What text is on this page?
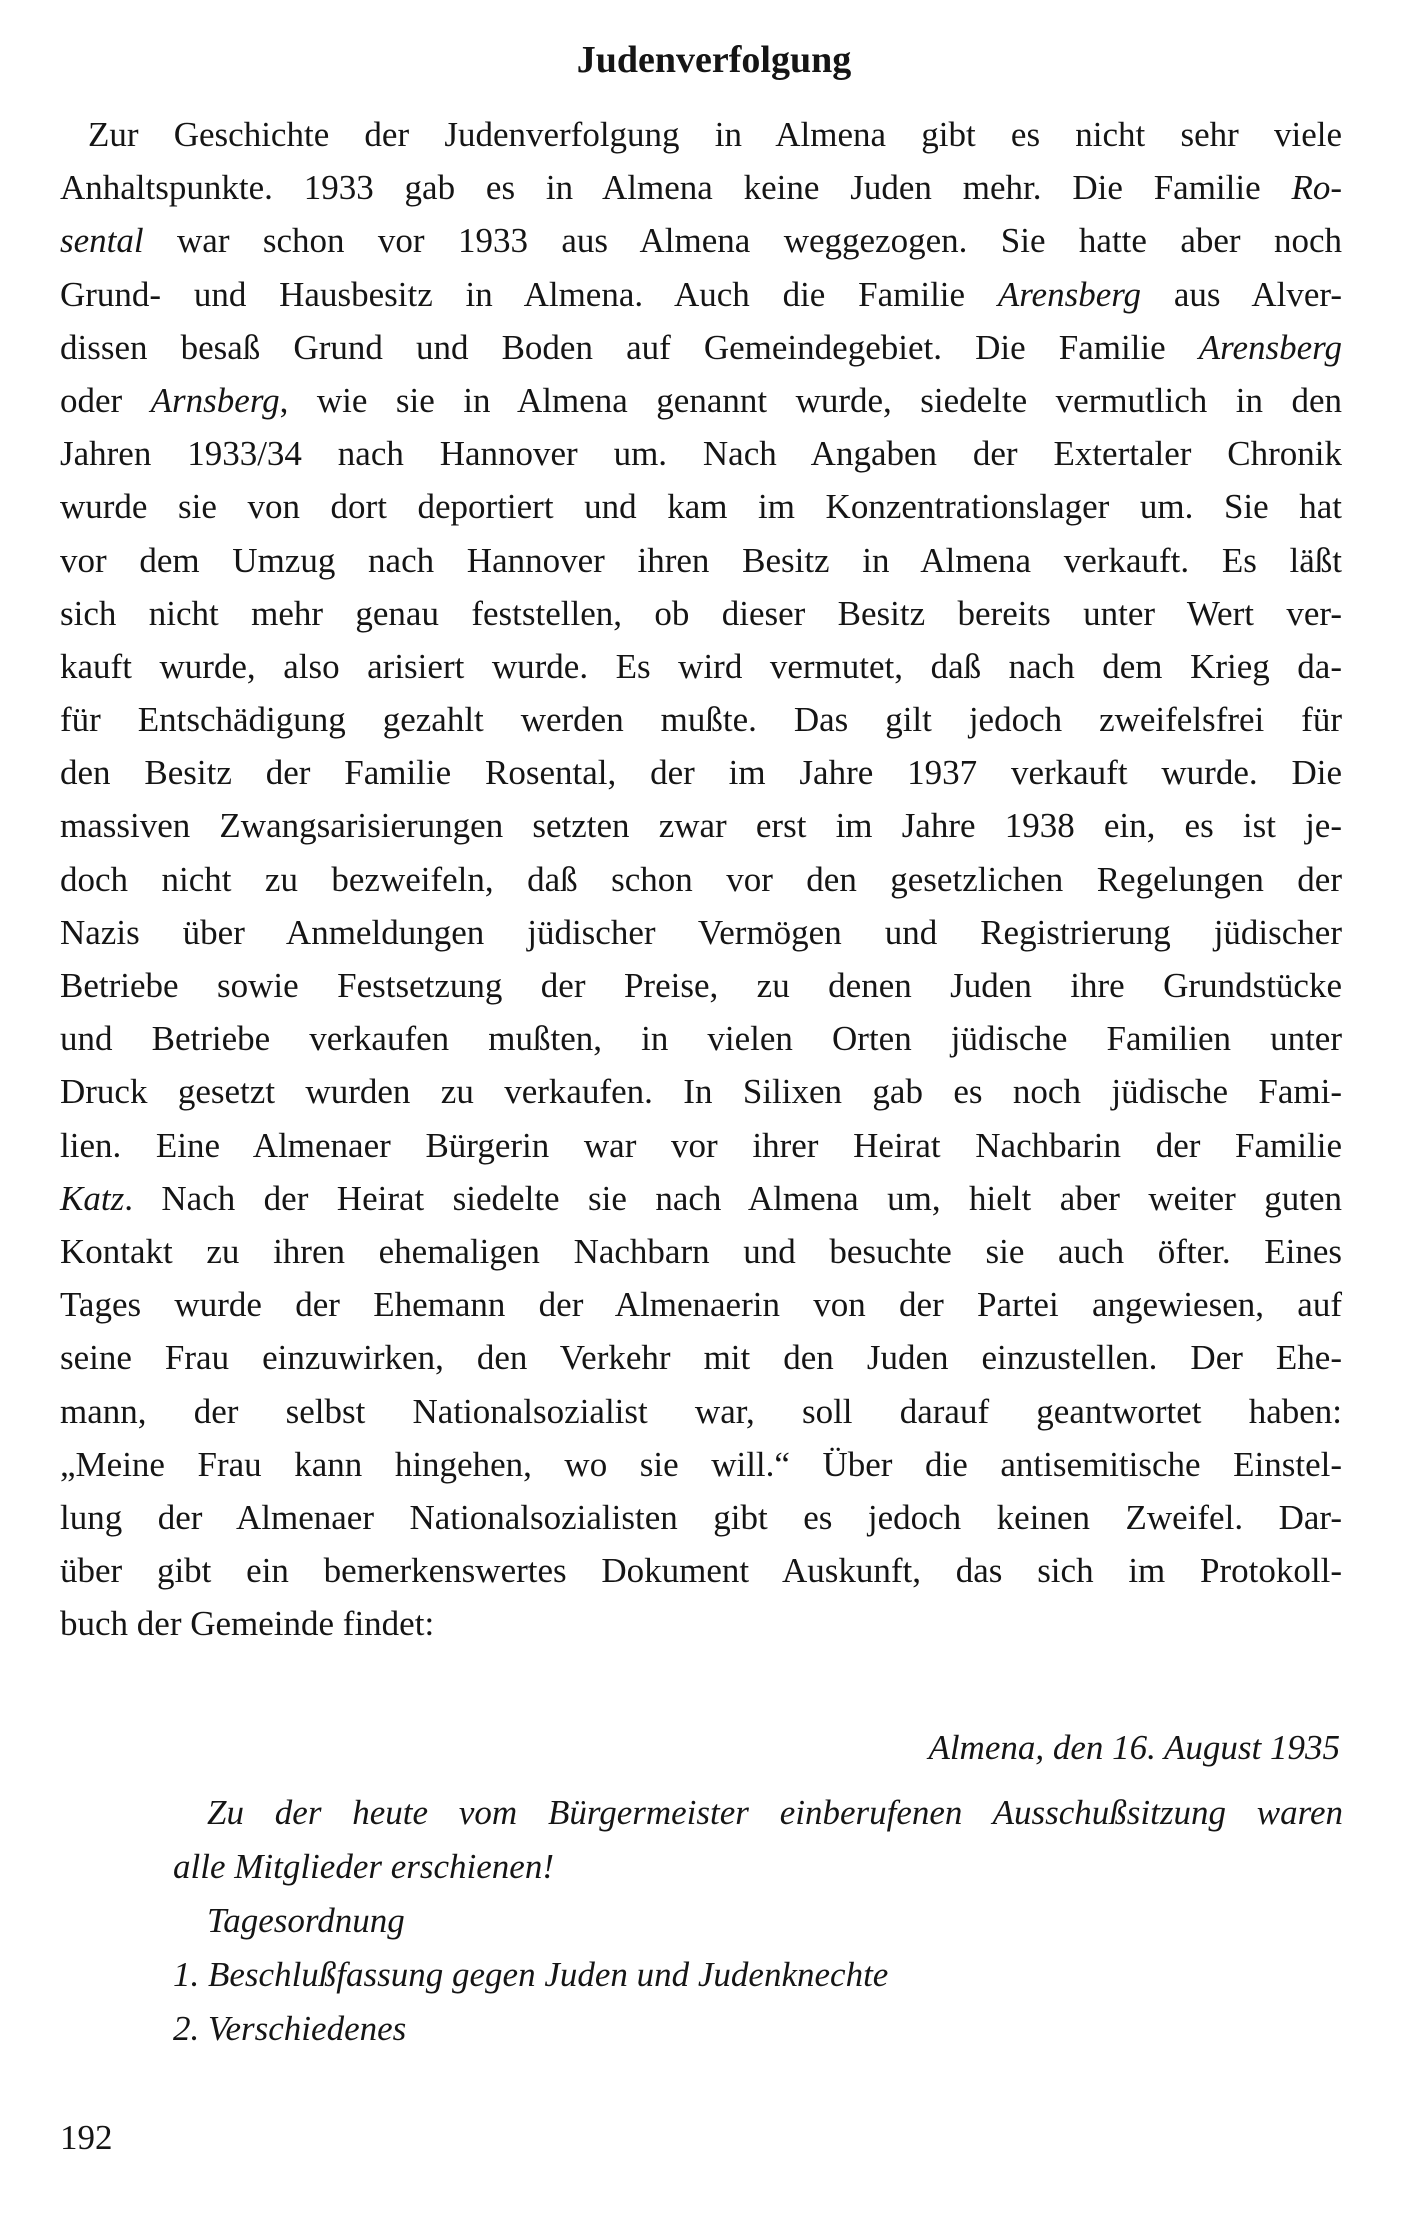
Judenverfolgung
Zur Geschichte der Judenverfolgung in Almena gibt es nicht sehr viele
Anhaltspunkte. 1933 gab es in Almena keine Juden mehr. Die Familie Ro-
sental war schon vor 1933 aus Almena weggezogen. Sie hatte aber noch
Grund- und Hausbesitz in Almena. Auch die Familie Arensberg aus Alver-
dissen besaß Grund und Boden auf Gemeindegebiet. Die Familie Arensberg
oder Arnsberg, wie sie in Almena genannt wurde, siedelte vermutlich in den
Jahren 1933/34 nach Hannover um. Nach Angaben der Extertaler Chronik
wurde sie von dort deportiert und kam im Konzentrationslager um. Sie hat
vor dem Umzug nach Hannover ihren Besitz in Almena verkauft. Es läßt
sich nicht mehr genau feststellen, ob dieser Besitz bereits unter Wert ver-
kauft wurde, also arisiert wurde. Es wird vermutet, daß nach dem Krieg da-
für Entschädigung gezahlt werden mußte. Das gilt jedoch zweifelsfrei für
den Besitz der Familie Rosental, der im Jahre 1937 verkauft wurde. Die
massiven Zwangsarisierungen setzten zwar erst im Jahre 1938 ein, es ist je-
doch nicht zu bezweifeln, daß schon vor den gesetzlichen Regelungen der
Nazis über Anmeldungen jüdischer Vermögen und Registrierung jüdischer
Betriebe sowie Festsetzung der Preise, zu denen Juden ihre Grundstücke
und Betriebe verkaufen mußten, in vielen Orten jüdische Familien unter
Druck gesetzt wurden zu verkaufen. In Silixen gab es noch jüdische Fami-
lien. Eine Almenaer Bürgerin war vor ihrer Heirat Nachbarin der Familie
Katz. Nach der Heirat siedelte sie nach Almena um, hielt aber weiter guten
Kontakt zu ihren ehemaligen Nachbarn und besuchte sie auch öfter. Eines
Tages wurde der Ehemann der Almenaerin von der Partei angewiesen, auf
seine Frau einzuwirken, den Verkehr mit den Juden einzustellen. Der Ehe-
mann, der selbst Nationalsozialist war, soll darauf geantwortet haben:
„Meine Frau kann hingehen, wo sie will.“ Über die antisemitische Einstel-
lung der Almenaer Nationalsozialisten gibt es jedoch keinen Zweifel. Dar-
über gibt ein bemerkenswertes Dokument Auskunft, das sich im Protokoll-
buch der Gemeinde findet:
Almena, den 16. August 1935
Zu der heute vom Bürgermeister einberufenen Ausschußsitzung waren
alle Mitglieder erschienen!
Tagesordnung
1. Beschlußfassung gegen Juden und Judenknechte
2. Verschiedenes
192
